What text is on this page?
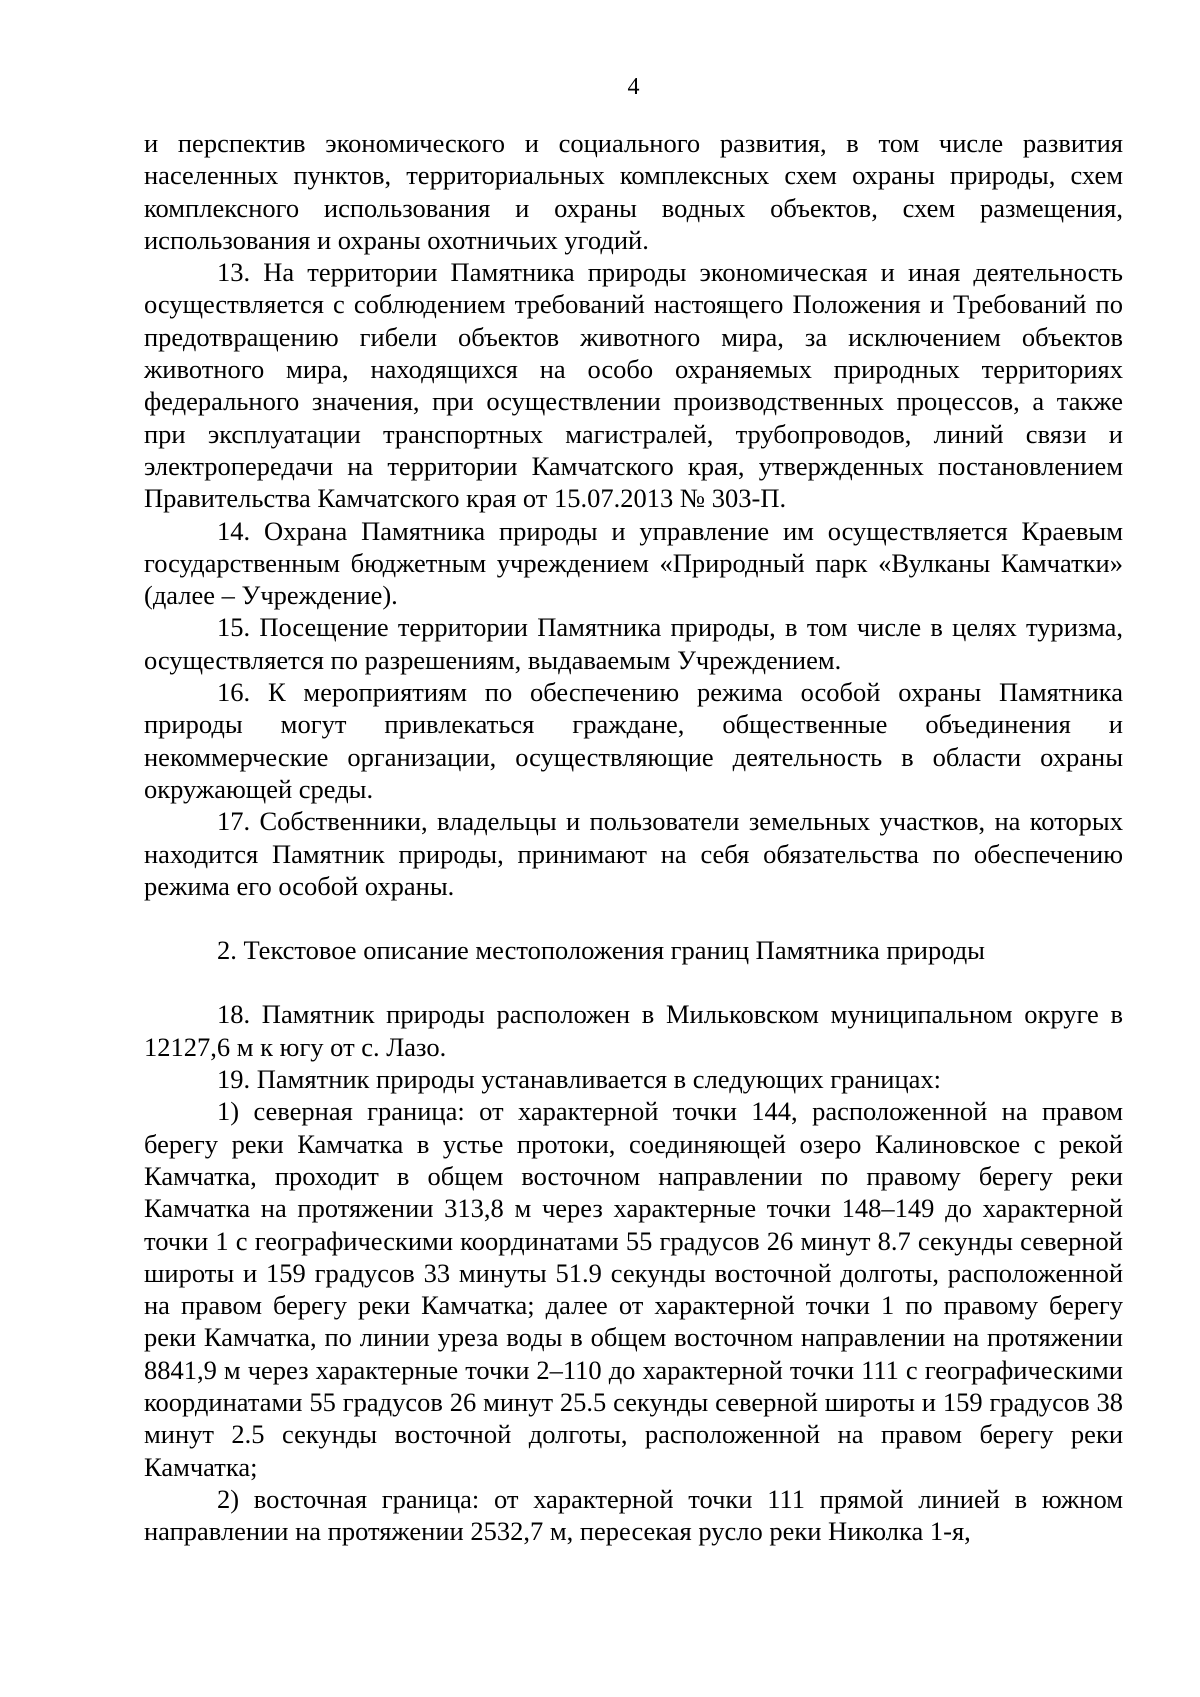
4

и перспектив экономического и социального развития, в том числе развития населенных пунктов, территориальных комплексных схем охраны природы, схем комплексного использования и охраны водных объектов, схем размещения, использования и охраны охотничьих угодий.

13. На территории Памятника природы экономическая и иная деятельность осуществляется с соблюдением требований настоящего Положения и Требований по предотвращению гибели объектов животного мира, за исключением объектов животного мира, находящихся на особо охраняемых природных территориях федерального значения, при осуществлении производственных процессов, а также при эксплуатации транспортных магистралей, трубопроводов, линий связи и электропередачи на территории Камчатского края, утвержденных постановлением Правительства Камчатского края от 15.07.2013 № 303-П.

14. Охрана Памятника природы и управление им осуществляется Краевым государственным бюджетным учреждением «Природный парк «Вулканы Камчатки» (далее – Учреждение).

15. Посещение территории Памятника природы, в том числе в целях туризма, осуществляется по разрешениям, выдаваемым Учреждением.

16. К мероприятиям по обеспечению режима особой охраны Памятника природы могут привлекаться граждане, общественные объединения и некоммерческие организации, осуществляющие деятельность в области охраны окружающей среды.

17. Собственники, владельцы и пользователи земельных участков, на которых находится Памятник природы, принимают на себя обязательства по обеспечению режима его особой охраны.

2. Текстовое описание местоположения границ Памятника природы

18. Памятник природы расположен в Мильковском муниципальном округе в 12127,6 м к югу от с. Лазо.

19. Памятник природы устанавливается в следующих границах:

1) северная граница: от характерной точки 144, расположенной на правом берегу реки Камчатка в устье протоки, соединяющей озеро Калиновское с рекой Камчатка, проходит в общем восточном направлении по правому берегу реки Камчатка на протяжении 313,8 м через характерные точки 148–149 до характерной точки 1 с географическими координатами 55 градусов 26 минут 8.7 секунды северной широты и 159 градусов 33 минуты 51.9 секунды восточной долготы, расположенной на правом берегу реки Камчатка; далее от характерной точки 1 по правому берегу реки Камчатка, по линии уреза воды в общем восточном направлении на протяжении 8841,9 м через характерные точки 2–110 до характерной точки 111 с географическими координатами 55 градусов 26 минут 25.5 секунды северной широты и 159 градусов 38 минут 2.5 секунды восточной долготы, расположенной на правом берегу реки Камчатка;

2) восточная граница: от характерной точки 111 прямой линией в южном направлении на протяжении 2532,7 м, пересекая русло реки Николка 1-я,
